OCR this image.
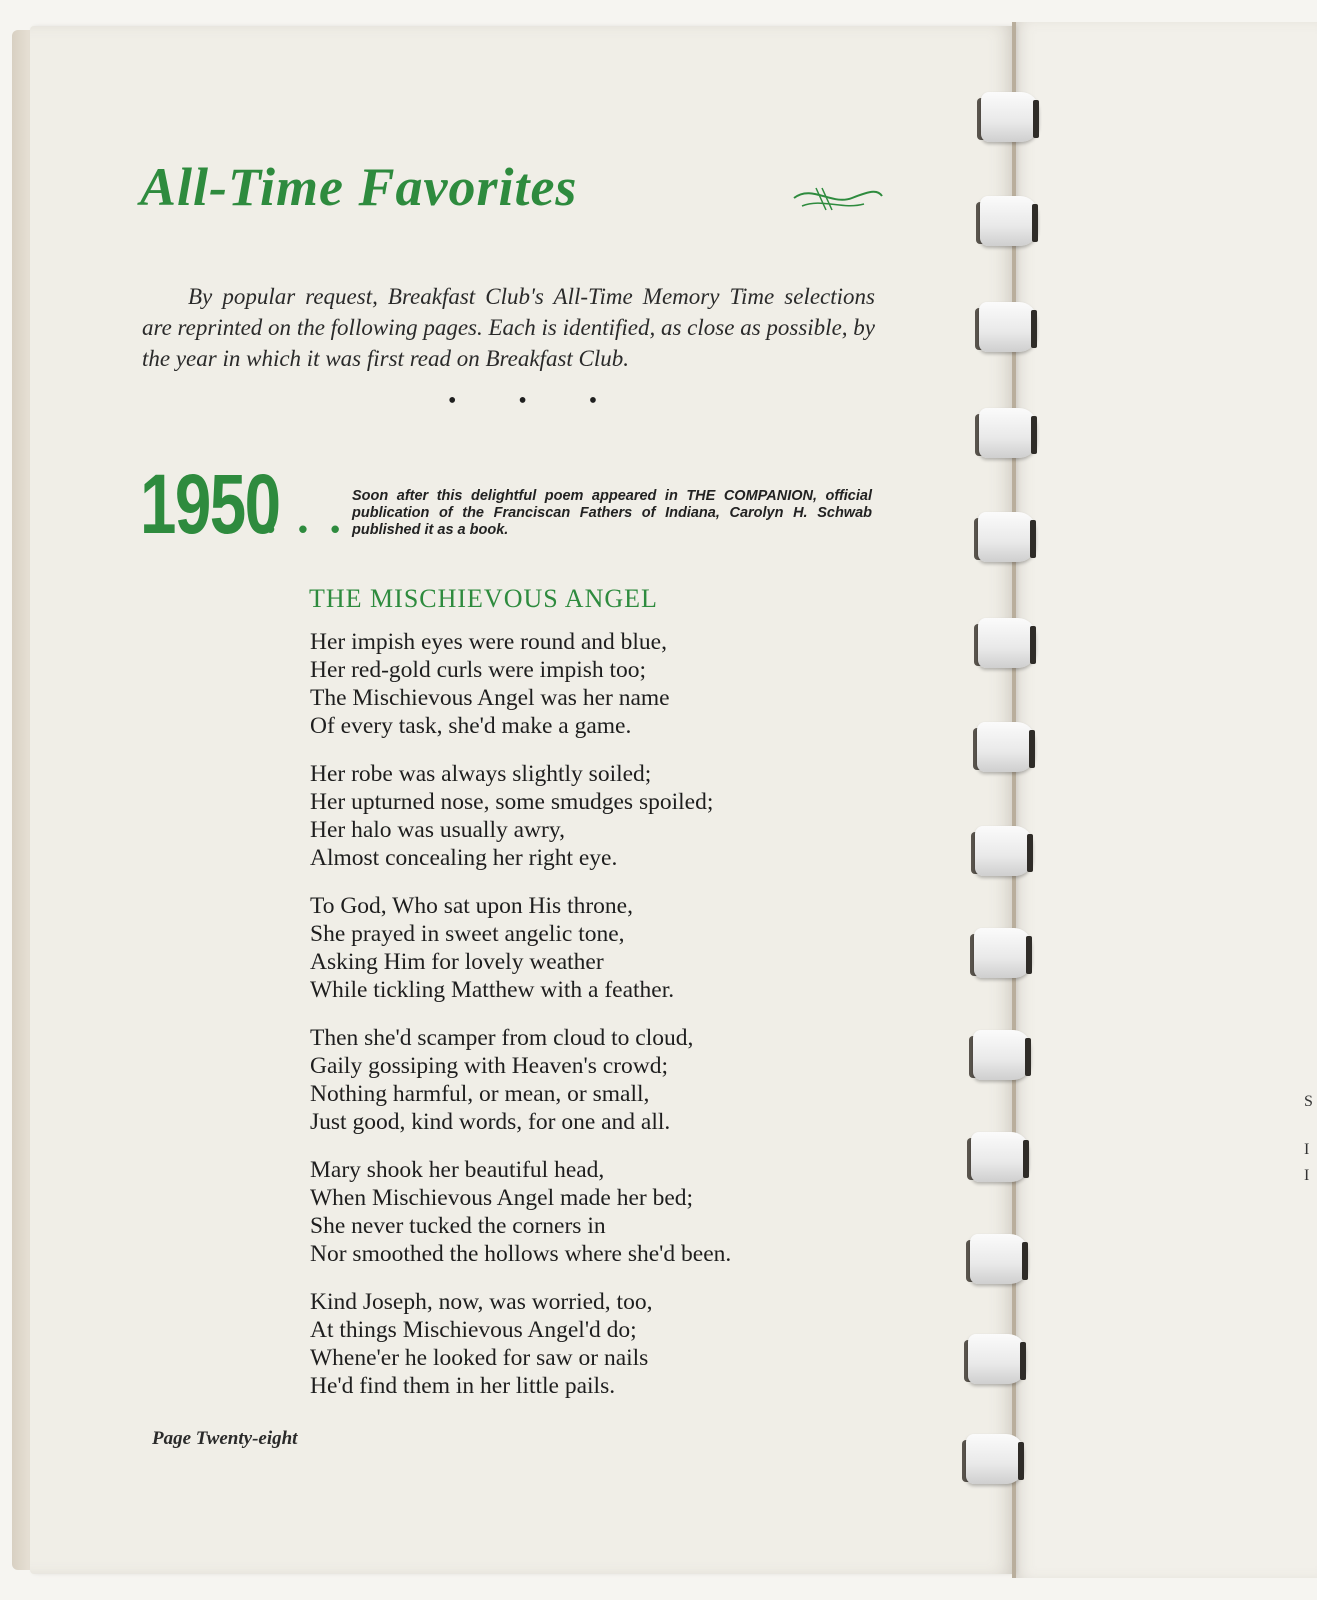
S
I
I
All-Time Favorites

By popular request, Breakfast Club's All-Time Memory Time selections are reprinted on the following pages. Each is identified, as close as possible, by the year in which it was first read on Breakfast Club.

• • •
1950
• • •
Soon after this delightful poem appeared in THE COMPANION, official publication of the Franciscan Fathers of Indiana, Carolyn H. Schwab published it as a book.
THE MISCHIEVOUS ANGEL
Her impish eyes were round and blue,
Her red-gold curls were impish too;
The Mischievous Angel was her name
Of every task, she'd make a game.
Her robe was always slightly soiled;
Her upturned nose, some smudges spoiled;
Her halo was usually awry,
Almost concealing her right eye.
To God, Who sat upon His throne,
She prayed in sweet angelic tone,
Asking Him for lovely weather
While tickling Matthew with a feather.
Then she'd scamper from cloud to cloud,
Gaily gossiping with Heaven's crowd;
Nothing harmful, or mean, or small,
Just good, kind words, for one and all.
Mary shook her beautiful head,
When Mischievous Angel made her bed;
She never tucked the corners in
Nor smoothed the hollows where she'd been.
Kind Joseph, now, was worried, too,
At things Mischievous Angel'd do;
Whene'er he looked for saw or nails
He'd find them in her little pails.
Page Twenty-eight
